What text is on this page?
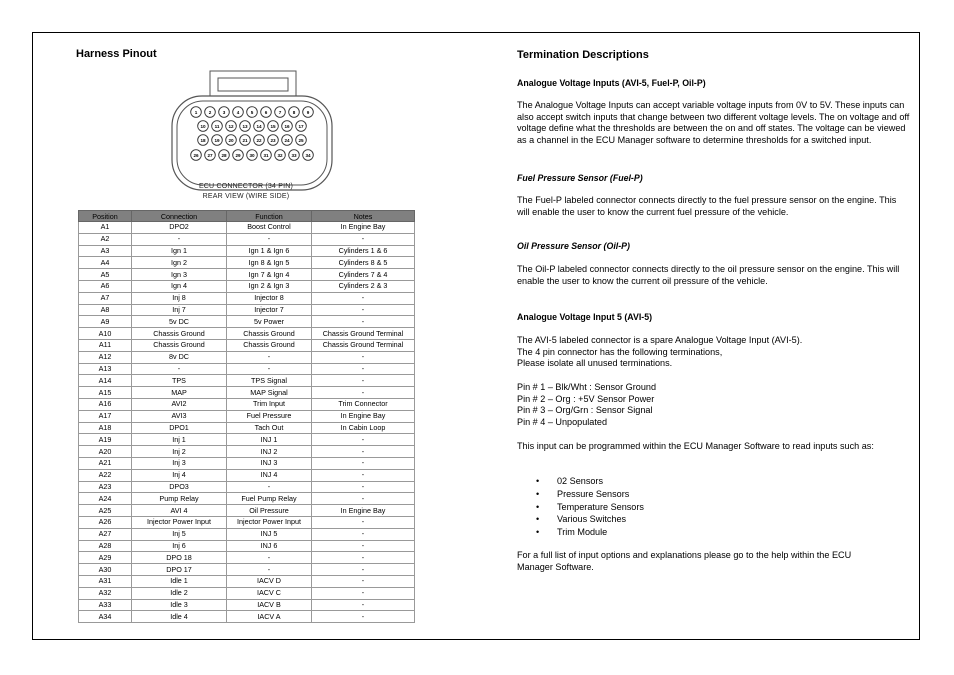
Harness Pinout

1 2 3 4 5 6 7 8 9
10 11 12 13 14 15 16 17
18 19 20 21 22 23 24 25
26 27 28 29 30 31 32 33 34
ECU CONNECTOR (34 PIN)
REAR VIEW (WIRE SIDE)
Position	Connection	Function	Notes
A1	DPO2	Boost Control	In Engine Bay
A2	-	-	-
A3	Ign 1	Ign 1 & Ign 6	Cylinders 1 & 6
A4	Ign 2	Ign 8 & Ign 5	Cylinders 8 & 5
A5	Ign 3	Ign 7 & Ign 4	Cylinders 7 & 4
A6	Ign 4	Ign 2 & Ign 3	Cylinders 2 & 3
A7	Inj 8	Injector 8	-
A8	Inj 7	Injector 7	-
A9	5v DC	5v Power	-
A10	Chassis Ground	Chassis Ground	Chassis Ground Terminal
A11	Chassis Ground	Chassis Ground	Chassis Ground Terminal
A12	8v DC	-	-
A13	-	-	-
A14	TPS	TPS Signal	-
A15	MAP	MAP Signal	-
A16	AVI2	Trim Input	Trim Connector
A17	AVI3	Fuel Pressure	In Engine Bay
A18	DPO1	Tach Out	In Cabin Loop
A19	Inj 1	INJ 1	-
A20	Inj 2	INJ 2	-
A21	Inj 3	INJ 3	-
A22	Inj 4	INJ 4	-
A23	DPO3	-	-
A24	Pump Relay	Fuel Pump Relay	-
A25	AVI 4	Oil Pressure	In Engine Bay
A26	Injector Power Input	Injector Power Input	-
A27	Inj 5	INJ 5	-
A28	Inj 6	INJ 6	-
A29	DPO 18	-	-
A30	DPO 17	-	-
A31	Idle 1	IACV D	-
A32	Idle 2	IACV C	-
A33	Idle 3	IACV B	-
A34	Idle 4	IACV A	-

Termination Descriptions

Analogue Voltage Inputs (AVI-5, Fuel-P, Oil-P)

The Analogue Voltage Inputs can accept variable voltage inputs from 0V to 5V. These inputs can also accept switch inputs that change between two different voltage levels. The on voltage and off voltage define what the thresholds are between the on and off states. The voltage can be viewed as a channel in the ECU Manager software to determine thresholds for a switched input.

Fuel Pressure Sensor (Fuel-P)

The Fuel-P labeled connector connects directly to the fuel pressure sensor on the engine. This will enable the user to know the current fuel pressure of the vehicle.

Oil Pressure Sensor (Oil-P)

The Oil-P labeled connector connects directly to the oil pressure sensor on the engine. This will enable the user to know the current oil pressure of the vehicle.

Analogue Voltage Input 5 (AVI-5)

The AVI-5 labeled connector is a spare Analogue Voltage Input (AVI-5).

The 4 pin connector has the following terminations,

Please isolate all unused terminations.

Pin # 1 – Blk/Wht : Sensor Ground

Pin # 2 – Org : +5V Sensor Power

Pin # 3 – Org/Grn : Sensor Signal

Pin # 4 – Unpopulated

This input can be programmed within the ECU Manager Software to read inputs such as:

• 02 Sensors
• Pressure Sensors
• Temperature Sensors
• Various Switches
• Trim Module

For a full list of input options and explanations please go to the help within the ECU Manager Software.
